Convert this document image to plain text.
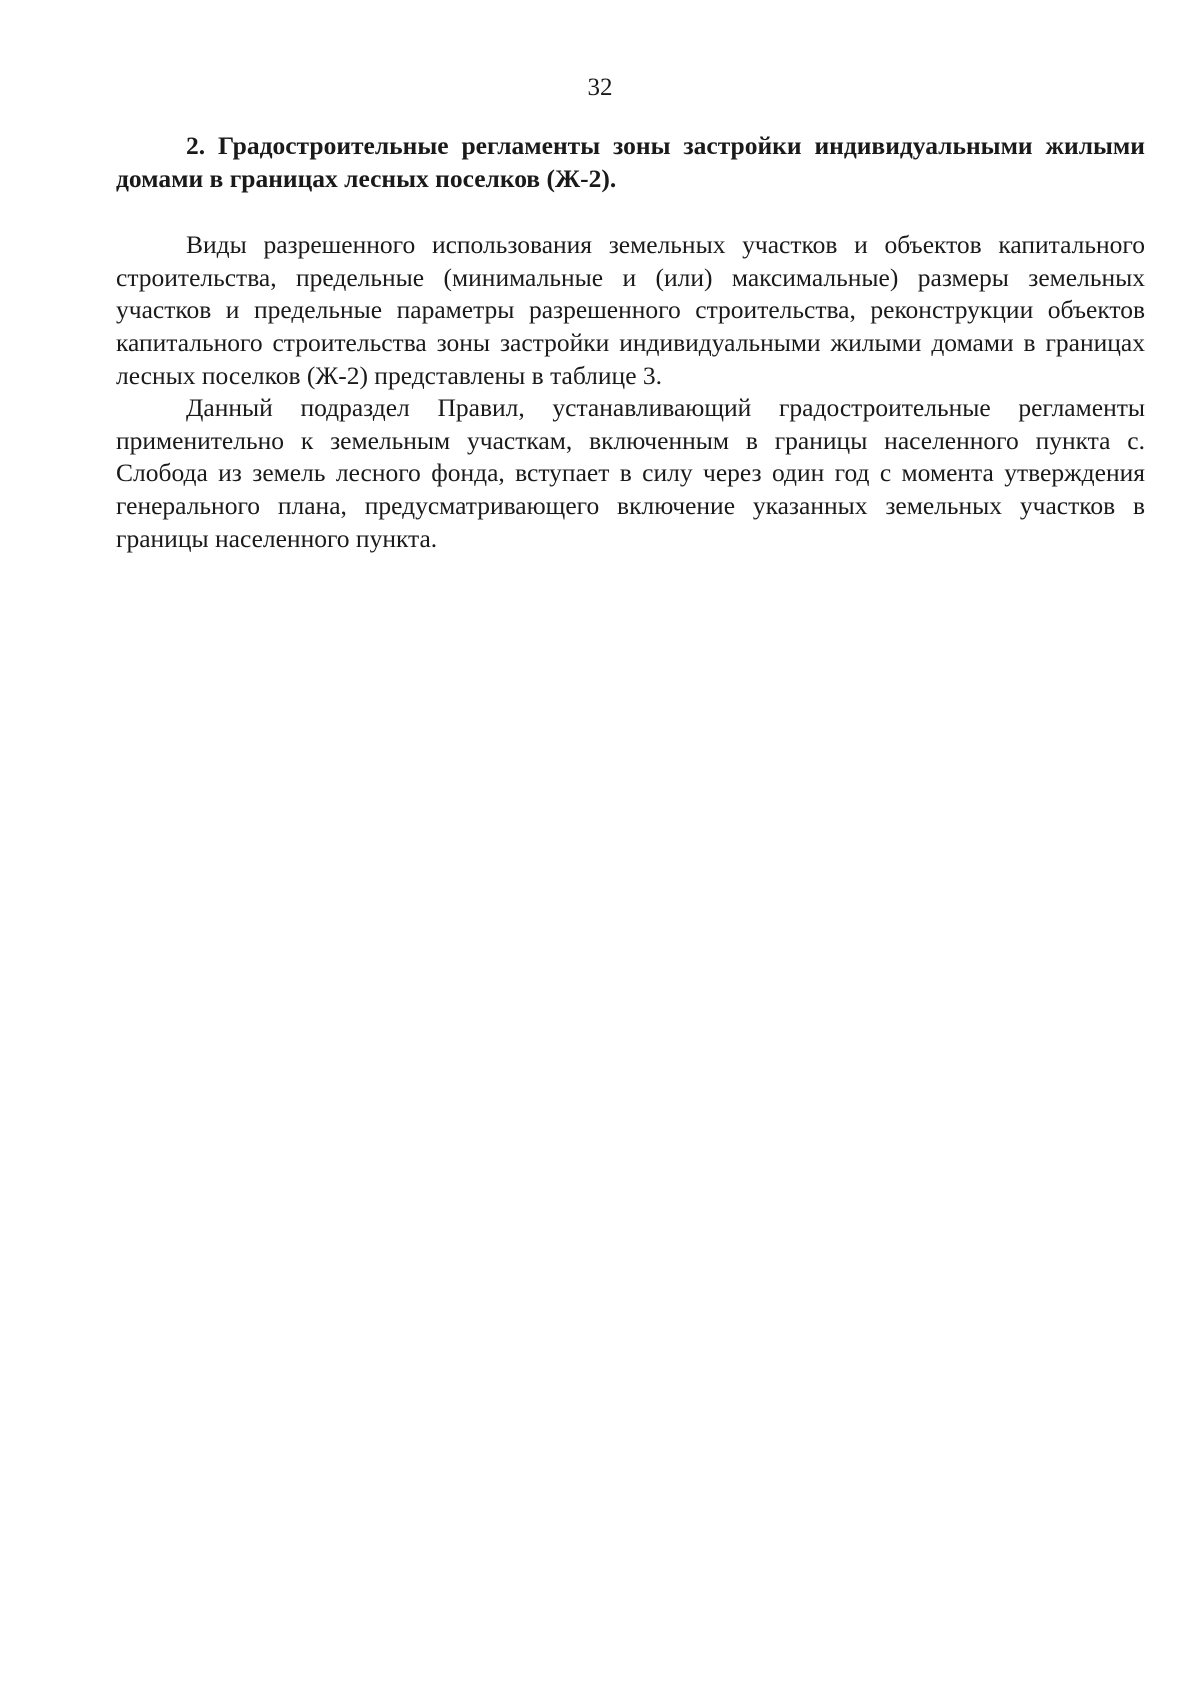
32

2. Градостроительные регламенты зоны застройки индивидуальными жилыми домами в границах лесных поселков (Ж-2).

Виды разрешенного использования земельных участков и объектов капитального строительства, предельные (минимальные и (или) максимальные) размеры земельных участков и предельные параметры разрешенного строительства, реконструкции объектов капитального строительства зоны застройки индивидуальными жилыми домами в границах лесных поселков (Ж-2) представлены в таблице 3.

Данный подраздел Правил, устанавливающий градостроительные регламенты применительно к земельным участкам, включенным в границы населенного пункта с. Слобода из земель лесного фонда, вступает в силу через один год с момента утверждения генерального плана, предусматривающего включение указанных земельных участков в границы населенного пункта.
